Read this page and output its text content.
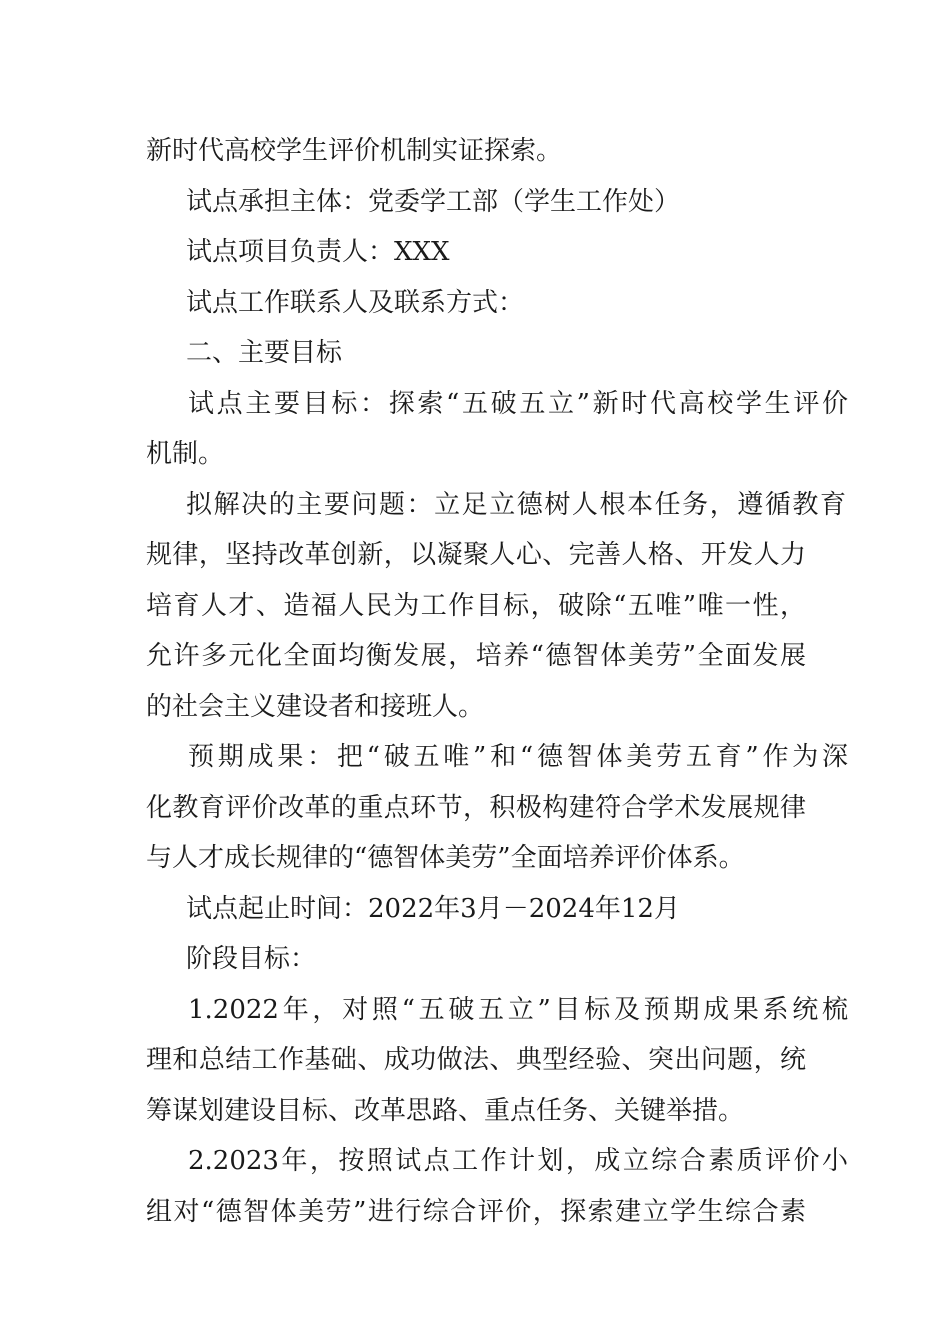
新时代高校学生评价机制实证探索。
试点承担主体：党委学工部（学生工作处）
试点项目负责人：XXX
试点工作联系人及联系方式：
二、主要目标
试点主要目标：探索“五破五立”新时代高校学生评价
机制。
拟解决的主要问题：立足立德树人根本任务，遵循教育
规律，坚持改革创新，以凝聚人心、完善人格、开发人力
培育人才、造福人民为工作目标，破除“五唯”唯一性，
允许多元化全面均衡发展，培养“德智体美劳”全面发展
的社会主义建设者和接班人。
预期成果：把“破五唯”和“德智体美劳五育”作为深
化教育评价改革的重点环节，积极构建符合学术发展规律
与人才成长规律的“德智体美劳”全面培养评价体系。
试点起止时间：2022年3月－2024年12月
阶段目标：
1.2022年，对照“五破五立”目标及预期成果系统梳
理和总结工作基础、成功做法、典型经验、突出问题，统
筹谋划建设目标、改革思路、重点任务、关键举措。
2.2023年，按照试点工作计划，成立综合素质评价小
组对“德智体美劳”进行综合评价，探索建立学生综合素
